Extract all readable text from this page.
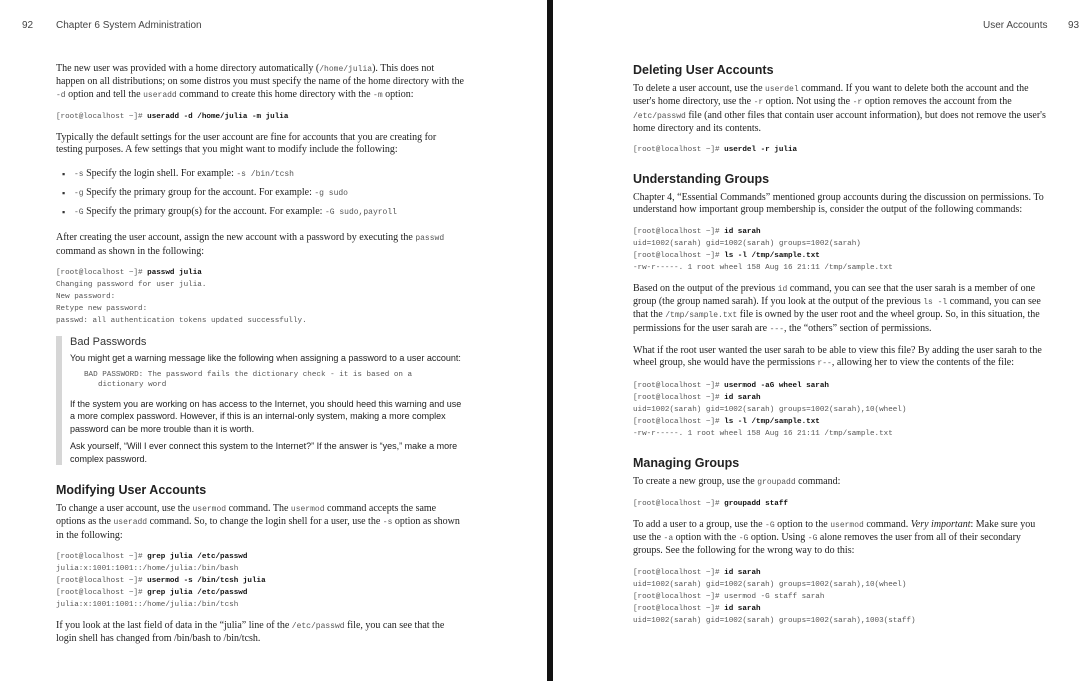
92 Chapter 6 System Administration

The new user was provided with a home directory automatically (/home/julia). This does not happen on all distributions; on some distros you must specify the name of the home directory with the -d option and tell the useradd command to create this home directory with the -m option:

[root@localhost ~]# useradd -d /home/julia -m julia

Typically the default settings for the user account are fine for accounts that you are creating for testing purposes. A few settings that you might want to modify include the following:

▪ -s Specify the login shell. For example: -s /bin/tcsh
▪ -g Specify the primary group for the account. For example: -g sudo
▪ -G Specify the primary group(s) for the account. For example: -G sudo,payroll

After creating the user account, assign the new account with a password by executing the passwd command as shown in the following:

[root@localhost ~]# passwd julia
Changing password for user julia.
New password:
Retype new password:
passwd: all authentication tokens updated successfully.
Bad Passwords

You might get a warning message like the following when assigning a password to a user account:

BAD PASSWORD: The password fails the dictionary check - it is based on a
dictionary word

If the system you are working on has access to the Internet, you should heed this warning and use a more complex password. However, if this is an internal-only system, making a more complex password can be more trouble than it is worth.

Ask yourself, “Will I ever connect this system to the Internet?” If the answer is “yes,” make a more complex password.

Modifying User Accounts

To change a user account, use the usermod command. The usermod command accepts the same options as the useradd command. So, to change the login shell for a user, use the -s option as shown in the following:

[root@localhost ~]# grep julia /etc/passwd
julia:x:1001:1001::/home/julia:/bin/bash
[root@localhost ~]# usermod -s /bin/tcsh julia
[root@localhost ~]# grep julia /etc/passwd
julia:x:1001:1001::/home/julia:/bin/tcsh

If you look at the last field of data in the “julia” line of the /etc/passwd file, you can see that the login shell has changed from /bin/bash to /bin/tcsh.

User Accounts 93
Deleting User Accounts

To delete a user account, use the userdel command. If you want to delete both the account and the user's home directory, use the -r option. Not using the -r option removes the account from the /etc/passwd file (and other files that contain user account information), but does not remove the user's home directory and its contents.

[root@localhost ~]# userdel -r julia
Understanding Groups

Chapter 4, “Essential Commands” mentioned group accounts during the discussion on permissions. To understand how important group membership is, consider the output of the following commands:

[root@localhost ~]# id sarah
uid=1002(sarah) gid=1002(sarah) groups=1002(sarah)
[root@localhost ~]# ls -l /tmp/sample.txt
-rw-r-----. 1 root wheel 158 Aug 16 21:11 /tmp/sample.txt

Based on the output of the previous id command, you can see that the user sarah is a member of one group (the group named sarah). If you look at the output of the previous ls -l command, you can see that the /tmp/sample.txt file is owned by the user root and the wheel group. So, in this situation, the permissions for the user sarah are ---, the “others” section of permissions.

What if the root user wanted the user sarah to be able to view this file? By adding the user sarah to the wheel group, she would have the permissions r--, allowing her to view the contents of the file:

[root@localhost ~]# usermod -aG wheel sarah
[root@localhost ~]# id sarah
uid=1002(sarah) gid=1002(sarah) groups=1002(sarah),10(wheel)
[root@localhost ~]# ls -l /tmp/sample.txt
-rw-r-----. 1 root wheel 158 Aug 16 21:11 /tmp/sample.txt
Managing Groups

To create a new group, use the groupadd command:

[root@localhost ~]# groupadd staff

To add a user to a group, use the -G option to the usermod command. Very important: Make sure you use the -a option with the -G option. Using -G alone removes the user from all of their secondary groups. See the following for the wrong way to do this:

[root@localhost ~]# id sarah
uid=1002(sarah) gid=1002(sarah) groups=1002(sarah),10(wheel)
[root@localhost ~]# usermod -G staff sarah
[root@localhost ~]# id sarah
uid=1002(sarah) gid=1002(sarah) groups=1002(sarah),1003(staff)
